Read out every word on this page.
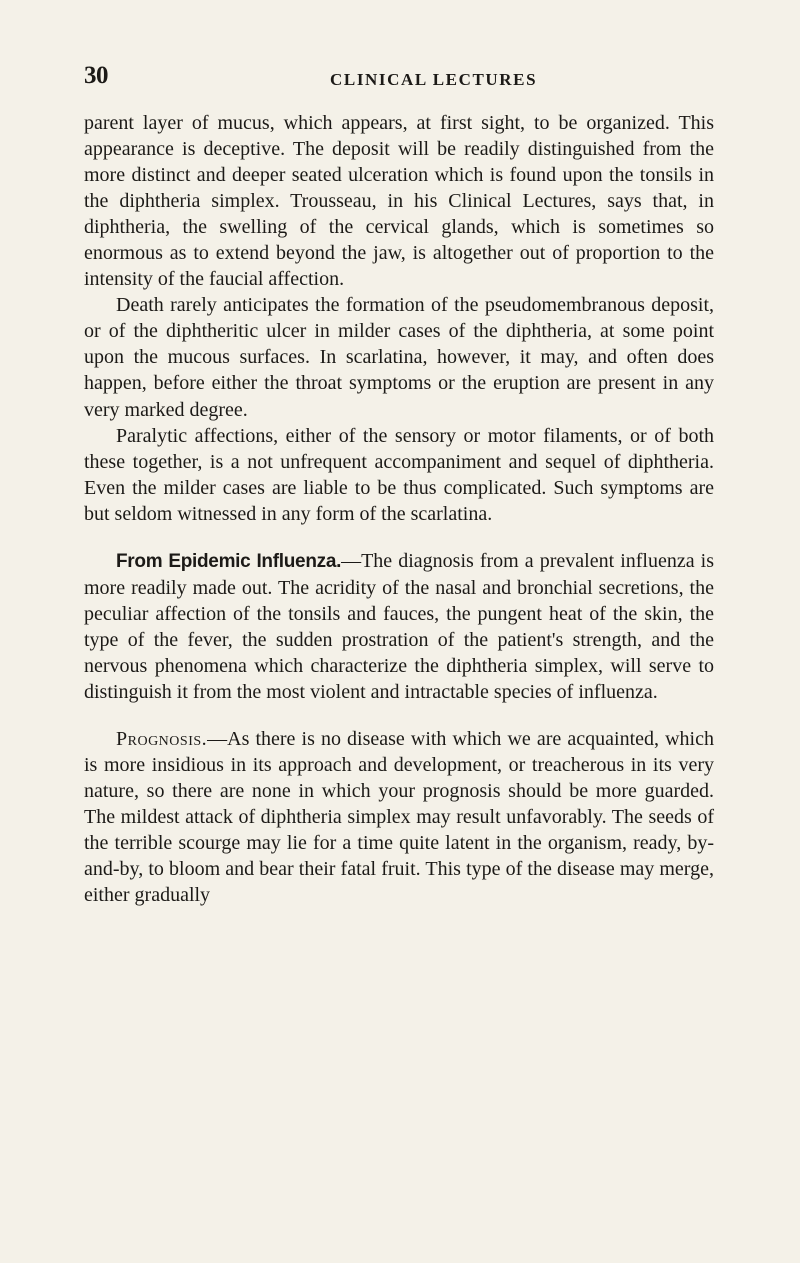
30	CLINICAL LECTURES

parent layer of mucus, which appears, at first sight, to be organized. This appearance is deceptive. The deposit will be readily distinguished from the more distinct and deeper seated ulceration which is found upon the tonsils in the diphtheria simplex. Trousseau, in his Clinical Lectures, says that, in diphtheria, the swelling of the cervical glands, which is sometimes so enormous as to extend beyond the jaw, is altogether out of proportion to the intensity of the faucial affection.

Death rarely anticipates the formation of the pseudomembranous deposit, or of the diphtheritic ulcer in milder cases of the diphtheria, at some point upon the mucous surfaces. In scarlatina, however, it may, and often does happen, before either the throat symptoms or the eruption are present in any very marked degree.

Paralytic affections, either of the sensory or motor filaments, or of both these together, is a not unfrequent accompaniment and sequel of diphtheria. Even the milder cases are liable to be thus complicated. Such symptoms are but seldom witnessed in any form of the scarlatina.

From Epidemic Influenza.—The diagnosis from a prevalent influenza is more readily made out. The acridity of the nasal and bronchial secretions, the peculiar affection of the tonsils and fauces, the pungent heat of the skin, the type of the fever, the sudden prostration of the patient's strength, and the nervous phenomena which characterize the diphtheria simplex, will serve to distinguish it from the most violent and intractable species of influenza.

Prognosis.—As there is no disease with which we are acquainted, which is more insidious in its approach and development, or treacherous in its very nature, so there are none in which your prognosis should be more guarded. The mildest attack of diphtheria simplex may result unfavorably. The seeds of the terrible scourge may lie for a time quite latent in the organism, ready, by-and-by, to bloom and bear their fatal fruit. This type of the disease may merge, either gradually
